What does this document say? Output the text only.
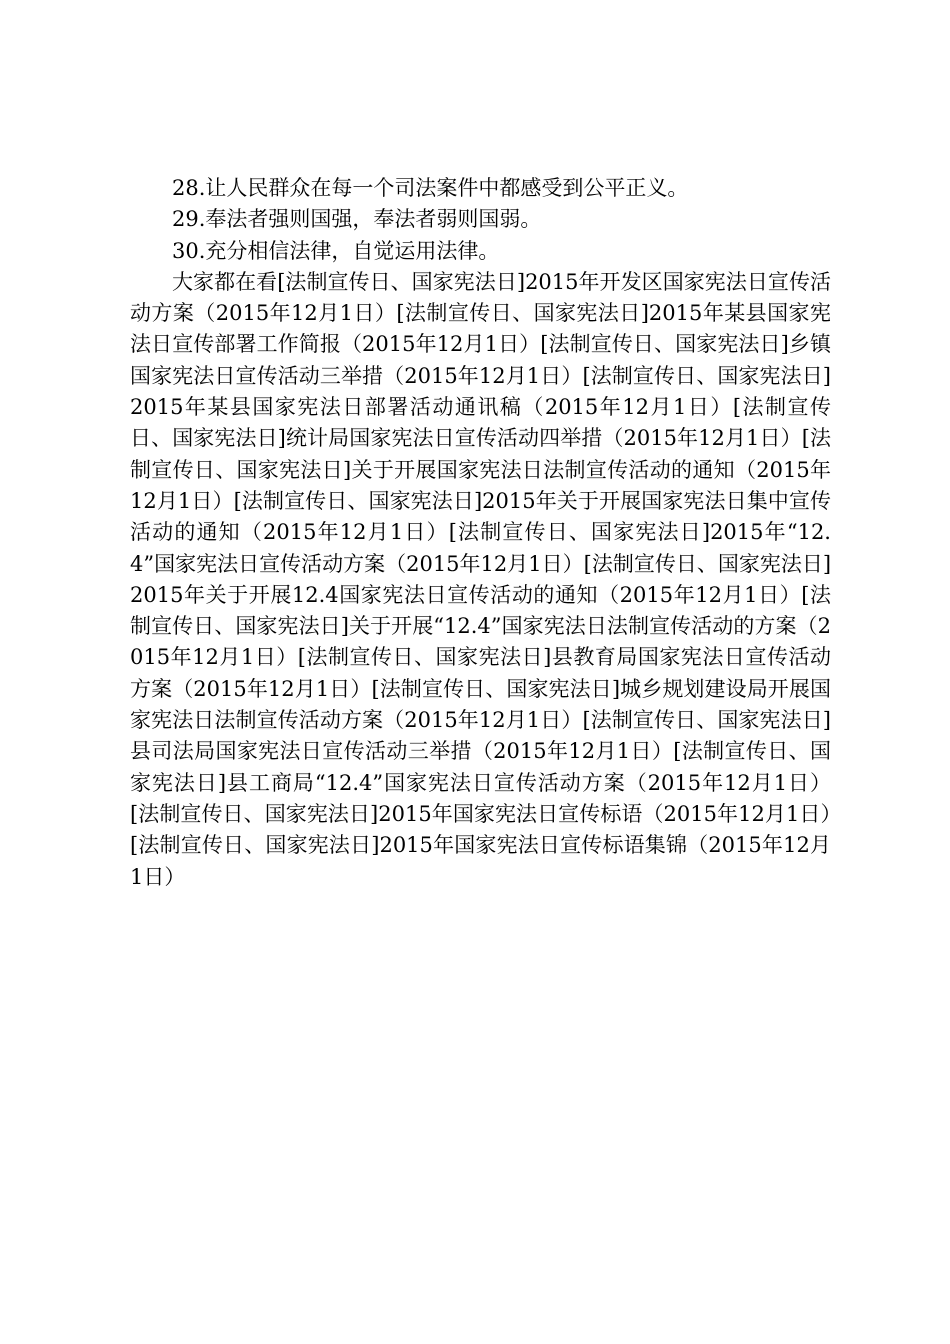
28.让人民群众在每一个司法案件中都感受到公平正义。

29.奉法者强则国强，奉法者弱则国弱。

30.充分相信法律，自觉运用法律。

大家都在看[法制宣传日、国家宪法日]2015年开发区国家宪法日宣传活动方案（2015年12月1日）[法制宣传日、国家宪法日]2015年某县国家宪法日宣传部署工作简报（2015年12月1日）[法制宣传日、国家宪法日]乡镇国家宪法日宣传活动三举措（2015年12月1日）[法制宣传日、国家宪法日]2015年某县国家宪法日部署活动通讯稿（2015年12月1日）[法制宣传日、国家宪法日]统计局国家宪法日宣传活动四举措（2015年12月1日）[法制宣传日、国家宪法日]关于开展国家宪法日法制宣传活动的通知（2015年12月1日）[法制宣传日、国家宪法日]2015年关于开展国家宪法日集中宣传活动的通知（2015年12月1日）[法制宣传日、国家宪法日]2015年“12.4”国家宪法日宣传活动方案（2015年12月1日）[法制宣传日、国家宪法日]2015年关于开展12.4国家宪法日宣传活动的通知（2015年12月1日）[法制宣传日、国家宪法日]关于开展“12.4”国家宪法日法制宣传活动的方案（2015年12月1日）[法制宣传日、国家宪法日]县教育局国家宪法日宣传活动方案（2015年12月1日）[法制宣传日、国家宪法日]城乡规划建设局开展国家宪法日法制宣传活动方案（2015年12月1日）[法制宣传日、国家宪法日]县司法局国家宪法日宣传活动三举措（2015年12月1日）[法制宣传日、国家宪法日]县工商局“12.4”国家宪法日宣传活动方案（2015年12月1日）[法制宣传日、国家宪法日]2015年国家宪法日宣传标语（2015年12月1日）[法制宣传日、国家宪法日]2015年国家宪法日宣传标语集锦（2015年12月1日）
